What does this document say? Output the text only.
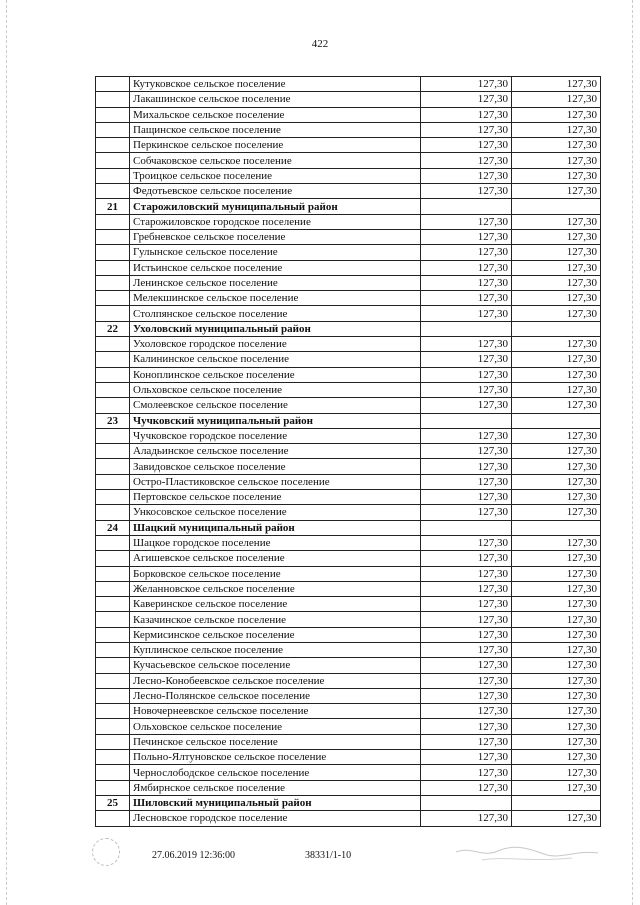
422
	Кутуковское сельское поселение	127,30	127,30
	Лакашинское сельское поселение	127,30	127,30
	Михальское сельское поселение	127,30	127,30
	Пащинское сельское поселение	127,30	127,30
	Перкинское сельское поселение	127,30	127,30
	Собчаковское сельское поселение	127,30	127,30
	Троицкое сельское поселение	127,30	127,30
	Федотьевское сельское поселение	127,30	127,30
21	Старожиловский муниципальный район		
	Старожиловское городское поселение	127,30	127,30
	Гребневское сельское поселение	127,30	127,30
	Гулынское сельское поселение	127,30	127,30
	Истьинское сельское поселение	127,30	127,30
	Ленинское сельское поселение	127,30	127,30
	Мелекшинское сельское поселение	127,30	127,30
	Столпянское сельское поселение	127,30	127,30
22	Ухоловский муниципальный район		
	Ухоловское городское поселение	127,30	127,30
	Калининское сельское поселение	127,30	127,30
	Коноплинское сельское поселение	127,30	127,30
	Ольховское сельское поселение	127,30	127,30
	Смолеевское сельское поселение	127,30	127,30
23	Чучковский муниципальный район		
	Чучковское городское поселение	127,30	127,30
	Аладьинское сельское поселение	127,30	127,30
	Завидовское сельское поселение	127,30	127,30
	Остро-Пластиковское сельское поселение	127,30	127,30
	Пертовское сельское поселение	127,30	127,30
	Ункосовское сельское поселение	127,30	127,30
24	Шацкий муниципальный район		
	Шацкое городское поселение	127,30	127,30
	Агишевское сельское поселение	127,30	127,30
	Борковское сельское поселение	127,30	127,30
	Желанновское сельское поселение	127,30	127,30
	Каверинское сельское поселение	127,30	127,30
	Казачинское сельское поселение	127,30	127,30
	Кермисинское сельское поселение	127,30	127,30
	Куплинское сельское поселение	127,30	127,30
	Кучасьевское сельское поселение	127,30	127,30
	Лесно-Конобеевское сельское поселение	127,30	127,30
	Лесно-Полянское сельское поселение	127,30	127,30
	Новочернеевское сельское поселение	127,30	127,30
	Ольховское сельское поселение	127,30	127,30
	Печинское сельское поселение	127,30	127,30
	Польно-Ялтуновское сельское поселение	127,30	127,30
	Чернослободское сельское поселение	127,30	127,30
	Ямбирнское сельское поселение	127,30	127,30
25	Шиловский муниципальный район		
	Лесновское городское поселение	127,30	127,30
27.06.2019 12:36:00	38331/1-10
